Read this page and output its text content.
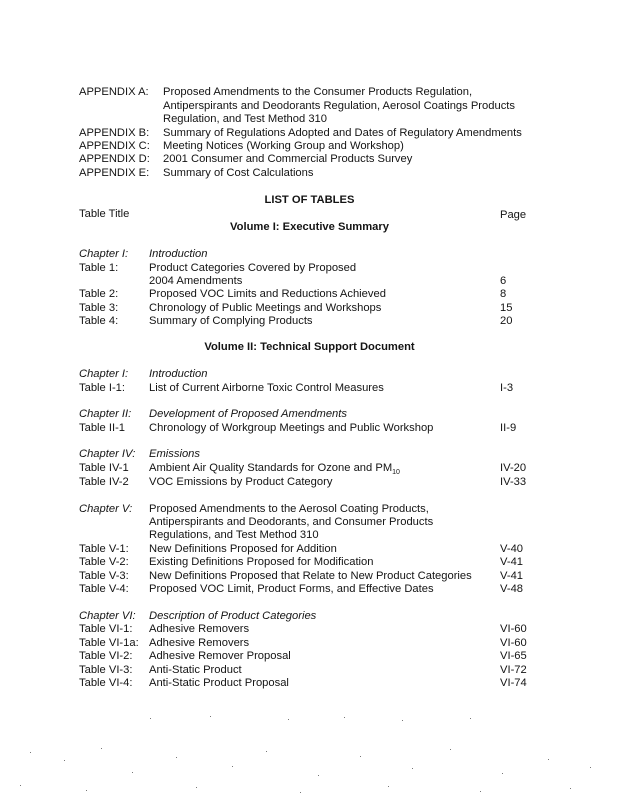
APPENDIX A: Proposed Amendments to the Consumer Products Regulation,
Antiperspirants and Deodorants Regulation, Aerosol Coatings Products
Regulation, and Test Method 310
APPENDIX B: Summary of Regulations Adopted and Dates of Regulatory Amendments
APPENDIX C: Meeting Notices (Working Group and Workshop)
APPENDIX D: 2001 Consumer and Commercial Products Survey
APPENDIX E: Summary of Cost Calculations
LIST OF TABLES
Table Title	Page
Volume I: Executive Summary
Chapter I: Introduction
Table 1:	Product Categories Covered by Proposed
2004 Amendments	6
Table 2:	Proposed VOC Limits and Reductions Achieved	8
Table 3:	Chronology of Public Meetings and Workshops	15
Table 4:	Summary of Complying Products	20
Volume II: Technical Support Document
Chapter I: Introduction
Table I-1: List of Current Airborne Toxic Control Measures	I-3
Chapter II: Development of Proposed Amendments
Table II-1 Chronology of Workgroup Meetings and Public Workshop	II-9
Chapter IV: Emissions
Table IV-1 Ambient Air Quality Standards for Ozone and $PM_{10}$	IV-20
Table IV-2 VOC Emissions by Product Category	IV-33
Chapter V: Proposed Amendments to the Aerosol Coating Products,
Antiperspirants and Deodorants, and Consumer Products
Regulations, and Test Method 310
Table V-1: New Definitions Proposed for Addition	V-40
Table V-2: Existing Definitions Proposed for Modification	V-41
Table V-3: New Definitions Proposed that Relate to New Product Categories	V-41
Table V-4: Proposed VOC Limit, Product Forms, and Effective Dates	V-48
Chapter VI: Description of Product Categories
Table VI-1: Adhesive Removers	VI-60
Table VI-1a: Adhesive Removers	VI-60
Table VI-2: Adhesive Remover Proposal	VI-65
Table VI-3: Anti-Static Product	VI-72
Table VI-4: Anti-Static Product Proposal	VI-74
